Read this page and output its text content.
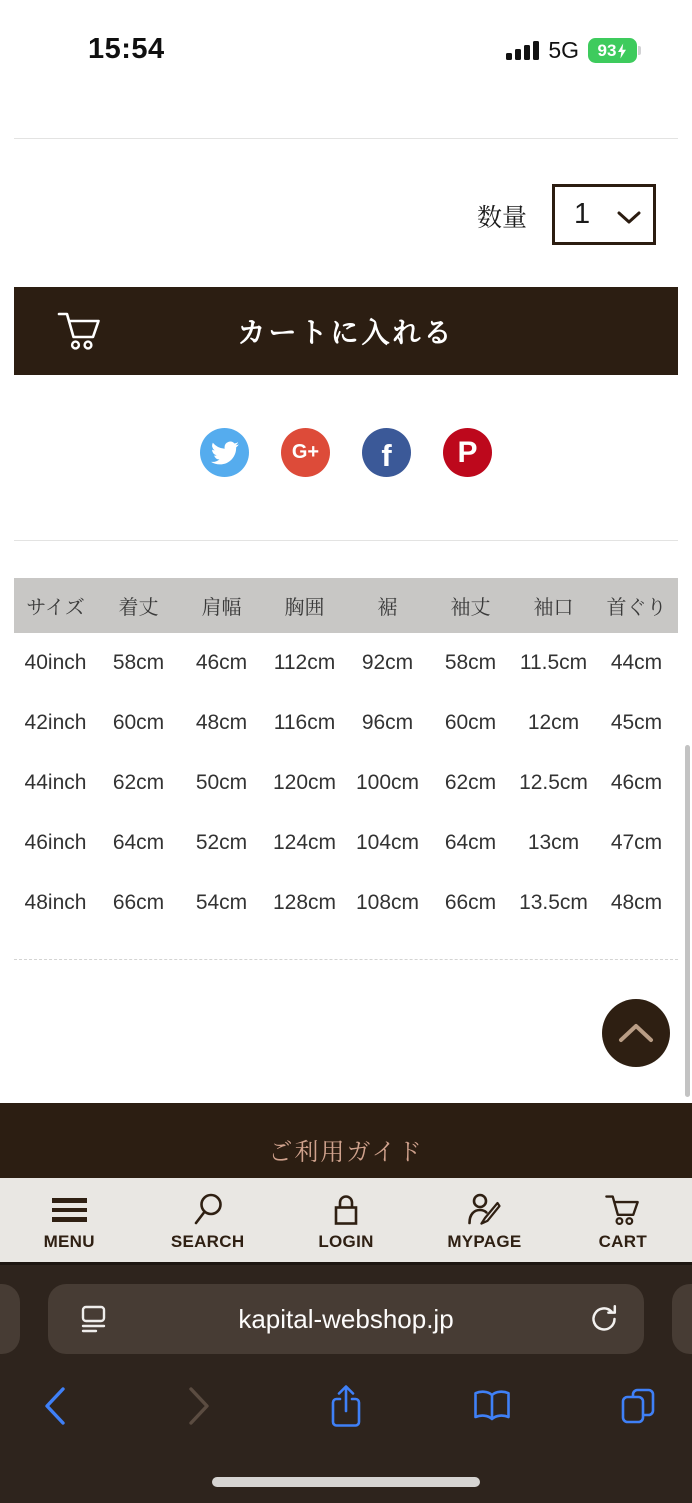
15:54	5G 93
数量 1
カートに入れる
G+ f P
サイズ	着丈	肩幅	胸囲	裾	袖丈	袖口	首ぐり
40inch	58cm	46cm	112cm	92cm	58cm	11.5cm	44cm
42inch	60cm	48cm	116cm	96cm	60cm	12cm	45cm
44inch	62cm	50cm	120cm	100cm	62cm	12.5cm	46cm
46inch	64cm	52cm	124cm	104cm	64cm	13cm	47cm
48inch	66cm	54cm	128cm	108cm	66cm	13.5cm	48cm
ご利用ガイド
MENU	SEARCH	LOGIN	MYPAGE	CART
kapital-webshop.jp
